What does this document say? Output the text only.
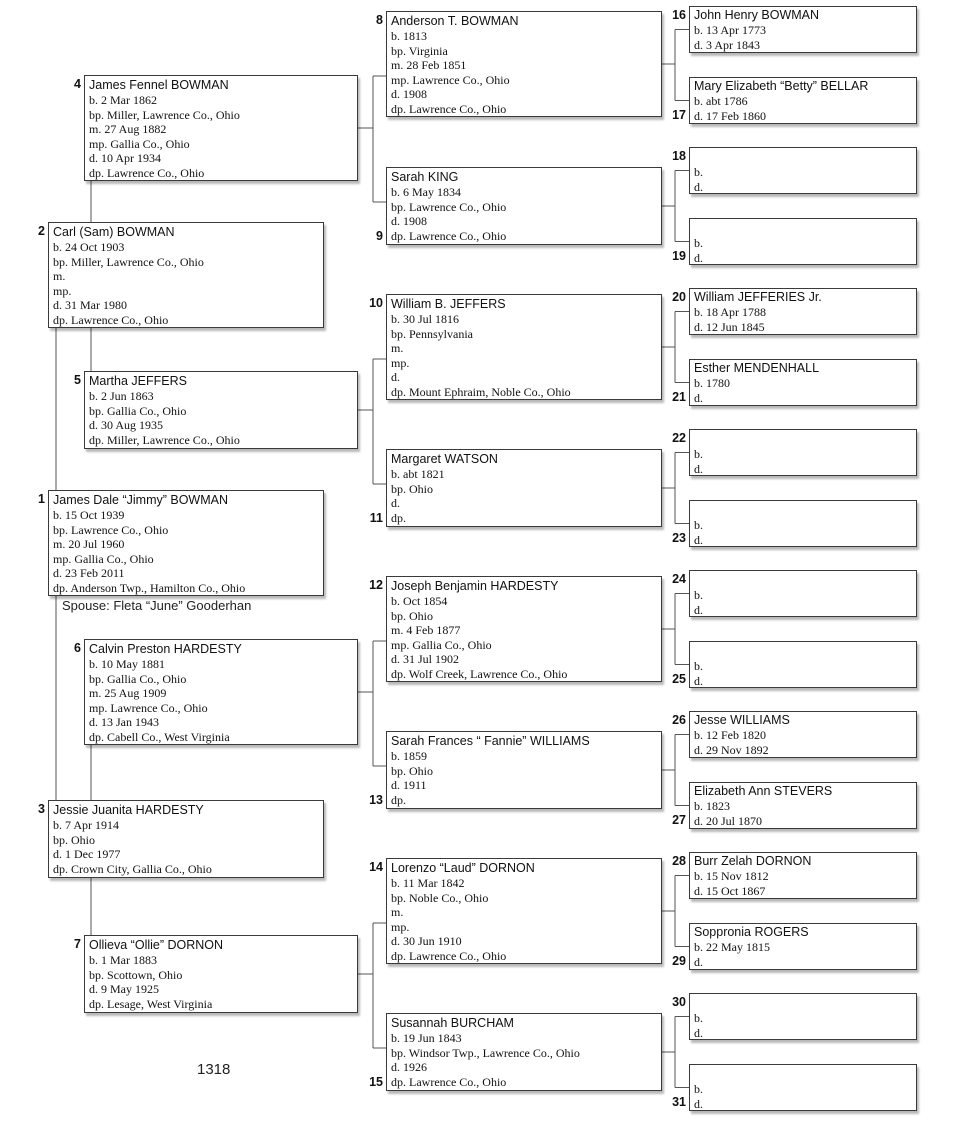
Spouse: Fleta “June” Gooderhan
1318
James Dale “Jimmy” BOWMAN
b. 15 Oct 1939
bp. Lawrence Co., Ohio
m. 20 Jul 1960
mp. Gallia Co., Ohio
d. 23 Feb 2011
dp. Anderson Twp., Hamilton Co., Ohio
1
Carl (Sam) BOWMAN
b. 24 Oct 1903
bp. Miller, Lawrence Co., Ohio
m.
mp.
d. 31 Mar 1980
dp. Lawrence Co., Ohio
2
Jessie Juanita HARDESTY
b. 7 Apr 1914
bp. Ohio
d. 1 Dec 1977
dp. Crown City, Gallia Co., Ohio
3
James Fennel BOWMAN
b. 2 Mar 1862
bp. Miller, Lawrence Co., Ohio
m. 27 Aug 1882
mp. Gallia Co., Ohio
d. 10 Apr 1934
dp. Lawrence Co., Ohio
4
Martha JEFFERS
b. 2 Jun 1863
bp. Gallia Co., Ohio
d. 30 Aug 1935
dp. Miller, Lawrence Co., Ohio
5
Calvin Preston HARDESTY
b. 10 May 1881
bp. Gallia Co., Ohio
m. 25 Aug 1909
mp. Lawrence Co., Ohio
d. 13 Jan 1943
dp. Cabell Co., West Virginia
6
Ollieva “Ollie” DORNON
b. 1 Mar 1883
bp. Scottown, Ohio
d. 9 May 1925
dp. Lesage, West Virginia
7
Anderson T. BOWMAN
b. 1813
bp. Virginia
m. 28 Feb 1851
mp. Lawrence Co., Ohio
d. 1908
dp. Lawrence Co., Ohio
8
Sarah KING
b. 6 May 1834
bp. Lawrence Co., Ohio
d. 1908
dp. Lawrence Co., Ohio
9
William B. JEFFERS
b. 30 Jul 1816
bp. Pennsylvania
m.
mp.
d.
dp. Mount Ephraim, Noble Co., Ohio
10
Margaret WATSON
b. abt 1821
bp. Ohio
d.
dp.
11
Joseph Benjamin HARDESTY
b. Oct 1854
bp. Ohio
m. 4 Feb 1877
mp. Gallia Co., Ohio
d. 31 Jul 1902
dp. Wolf Creek, Lawrence Co., Ohio
12
Sarah Frances “ Fannie” WILLIAMS
b. 1859
bp. Ohio
d. 1911
dp.
13
Lorenzo “Laud” DORNON
b. 11 Mar 1842
bp. Noble Co., Ohio
m.
mp.
d. 30 Jun 1910
dp. Lawrence Co., Ohio
14
Susannah BURCHAM
b. 19 Jun 1843
bp. Windsor Twp., Lawrence Co., Ohio
d. 1926
dp. Lawrence Co., Ohio
15
John Henry BOWMAN
b. 13 Apr 1773
d. 3 Apr 1843
16
Mary Elizabeth “Betty” BELLAR
b. abt 1786
d. 17 Feb 1860
17
b.
d.
18
b.
d.
19
William JEFFERIES Jr.
b. 18 Apr 1788
d. 12 Jun 1845
20
Esther MENDENHALL
b. 1780
d.
21
b.
d.
22
b.
d.
23
b.
d.
24
b.
d.
25
Jesse WILLIAMS
b. 12 Feb 1820
d. 29 Nov 1892
26
Elizabeth Ann STEVERS
b. 1823
d. 20 Jul 1870
27
Burr Zelah DORNON
b. 15 Nov 1812
d. 15 Oct 1867
28
Soppronia ROGERS
b. 22 May 1815
d.
29
b.
d.
30
b.
d.
31
